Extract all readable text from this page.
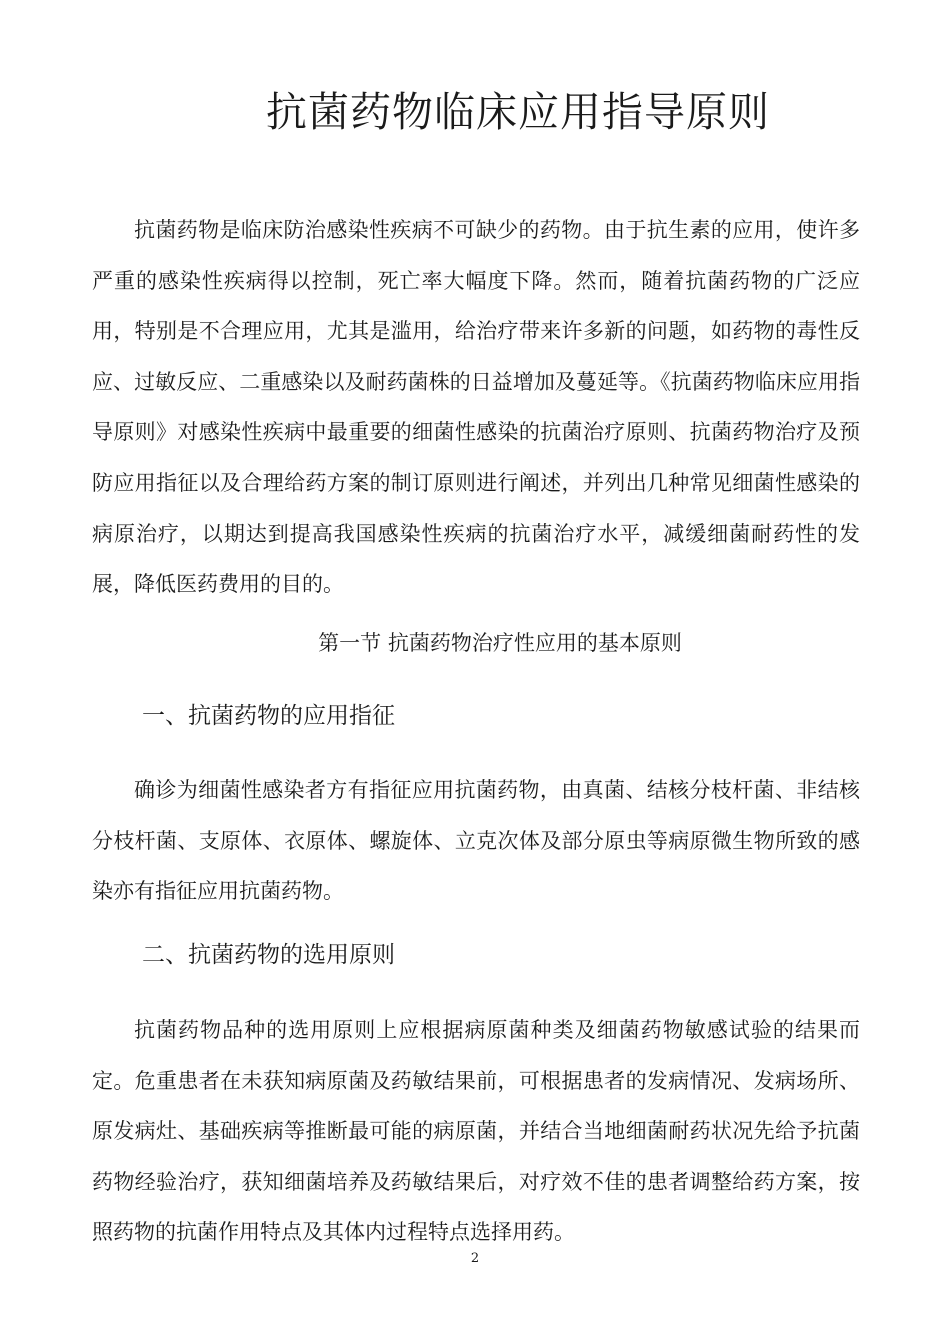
抗菌药物临床应用指导原则

抗菌药物是临床防治感染性疾病不可缺少的药物。由于抗生素的应用，使许多严重的感染性疾病得以控制，死亡率大幅度下降。然而，随着抗菌药物的广泛应用，特别是不合理应用，尤其是滥用，给治疗带来许多新的问题，如药物的毒性反应、过敏反应、二重感染以及耐药菌株的日益增加及蔓延等。《抗菌药物临床应用指导原则》对感染性疾病中最重要的细菌性感染的抗菌治疗原则、抗菌药物治疗及预防应用指征以及合理给药方案的制订原则进行阐述，并列出几种常见细菌性感染的病原治疗，以期达到提高我国感染性疾病的抗菌治疗水平，减缓细菌耐药性的发展，降低医药费用的目的。

第一节 抗菌药物治疗性应用的基本原则
一、抗菌药物的应用指征

确诊为细菌性感染者方有指征应用抗菌药物，由真菌、结核分枝杆菌、非结核分枝杆菌、支原体、衣原体、螺旋体、立克次体及部分原虫等病原微生物所致的感染亦有指征应用抗菌药物。

二、抗菌药物的选用原则

抗菌药物品种的选用原则上应根据病原菌种类及细菌药物敏感试验的结果而定。危重患者在未获知病原菌及药敏结果前，可根据患者的发病情况、发病场所、原发病灶、基础疾病等推断最可能的病原菌，并结合当地细菌耐药状况先给予抗菌药物经验治疗，获知细菌培养及药敏结果后，对疗效不佳的患者调整给药方案，按照药物的抗菌作用特点及其体内过程特点选择用药。

2
